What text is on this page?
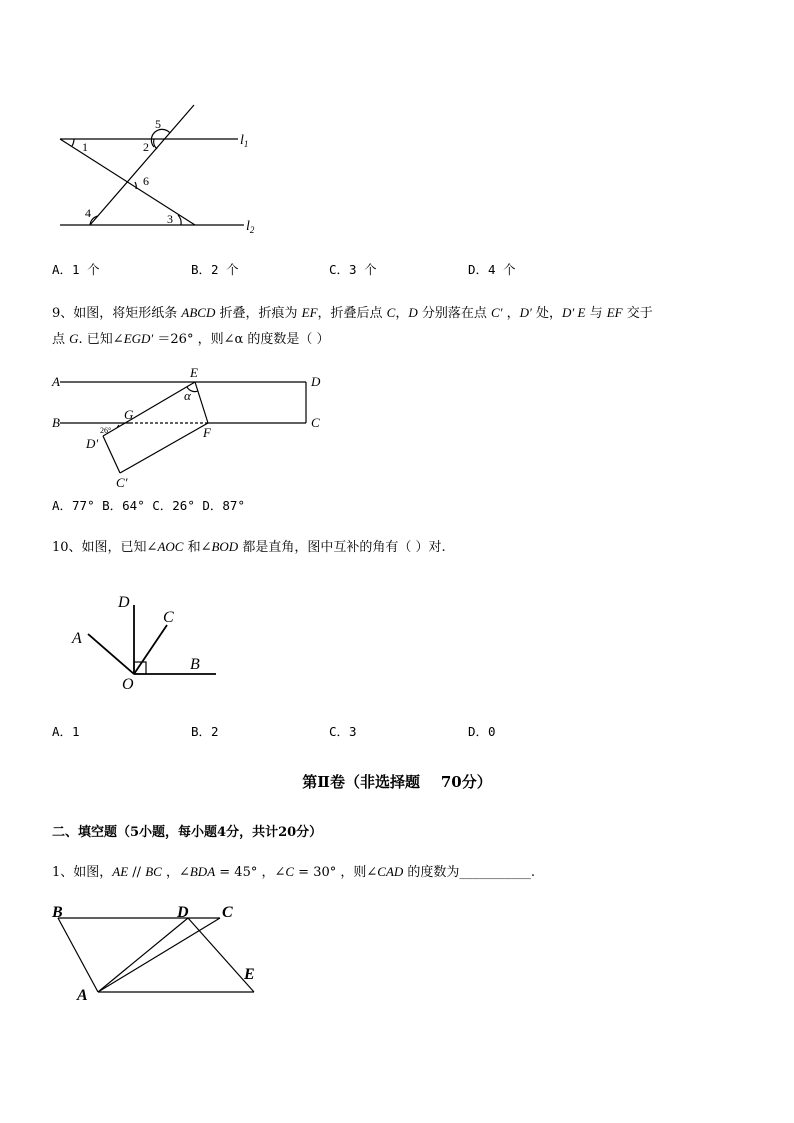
1	2
5
6
4	3
$l_1$
$l_2$
A．1 个	B．2 个	C．3 个	D．4 个
9、如图，将矩形纸条 ABCD 折叠，折痕为 EF，折叠后点 C，D 分别落在点 C′ ，D′ 处，D′ E 与 EF 交于
点 G. 已知∠EGD′ ＝26° ，则∠α 的度数是（ ）
A
B
D
C
E
G
F
D′
C′
α
26°
A．77° B．64° C．26° D．87°
10、如图，已知∠AOC 和∠BOD 都是直角，图中互补的角有（ ）对.
D
C
A
B
O
A．1	B．2	C．3	D．0
第Ⅱ卷（非选择题    70分）
二、填空题（5小题，每小题4分，共计20分）
1、如图，AE // BC ，∠BDA = 45° ，∠C = 30° ，则∠CAD 的度数为___________.
B	D C
E
A
